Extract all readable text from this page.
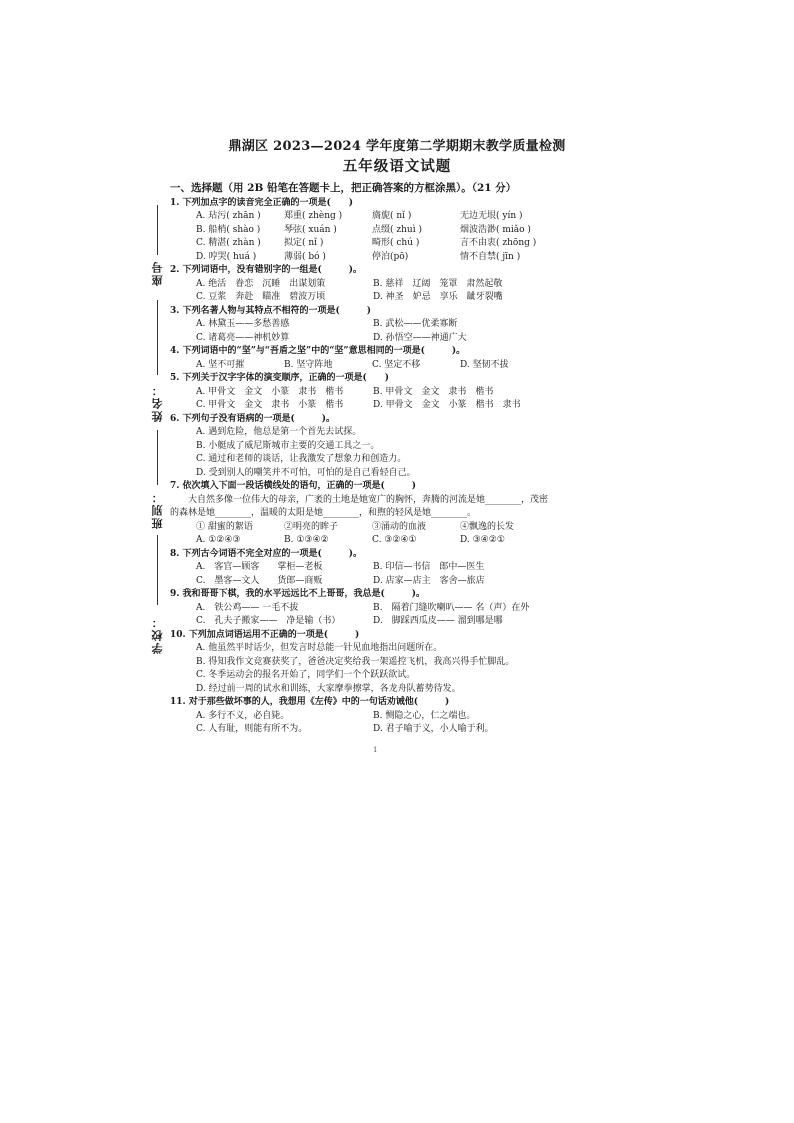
鼎湖区 2023—2024 学年度第二学期期末教学质量检测
五年级语文试题
座号
姓名：
班别：
学校：
一、选择题（用 2B 铅笔在答题卡上，把正确答案的方框涂黑）。（21 分）
1. 下列加点字的读音完全正确的一项是(　　)
A. 玷污( zhān )	郑重( zhèng )	旖旎( nǐ )	无边无垠( yín )
B. 船梢( shào )	琴弦( xuán )	点缀( zhuì )	烟波浩渺( miǎo )
C. 精湛( zhàn )	拟定( nǐ )	畸形( chú )	言不由衷( zhōng )
D. 哼哭( huá )	薄弱( bó )	停泊(pō)	情不自禁( jīn )
2. 下列词语中，没有错别字的一组是(　　　)。
A. 绝活　眷恋　沉睡　出谋划策	B. 慈祥　辽阔　笼罩　肃然起敬
C. 豆浆　奔赴　瞄准　碧波万顷	D. 神圣　妒忌　享乐　龇牙裂嘴
3. 下列名著人物与其特点不相符的一项是(　　　)
A. 林黛玉——多愁善感	B. 武松——优柔寡断
C. 诸葛亮——神机妙算	D. 孙悟空——神通广大
4. 下列词语中的“坚”与“吾盾之坚”中的“坚”意思相同的一项是(　　　)。
A. 坚不可摧	B. 坚守阵地	C. 坚定不移	D. 坚韧不拔
5. 下列关于汉字字体的演变顺序，正确的一项是(　　)
A. 甲骨文　金文　小篆　隶书　楷书	B. 甲骨文　金文　隶书　楷书
C. 甲骨文　金文　隶书　小篆　楷书	D. 甲骨文　金文　小篆　楷书　隶书
6. 下列句子没有语病的一项是(　　　)。
A. 遇到危险，他总是第一个首先去试探。
B. 小艇成了威尼斯城市主要的交通工具之一。
C. 通过和老师的谈话，让我激发了想象力和创造力。
D. 受到别人的嘲笑并不可怕，可怕的是自己看轻自己。
7. 依次填入下面一段话横线处的语句，正确的一项是(　　　)
大自然多像一位伟大的母亲，广袤的土地是她宽广的胸怀，奔腾的河流是她________，茂密的森林是她________，温暖的太阳是她________，和煦的轻风是她________。
① 甜蜜的絮语	②明亮的眸子	③涌动的血液	④飘逸的长发
A. ①②④③	B. ①③④②	C. ③②④①	D. ③④②①
8. 下列古今词语不完全对应的一项是(　　　)。
A.　客官—顾客　　掌柜—老板	B. 印信—书信　郎中—医生
C.　墨客—文人　　货郎—商贩	D. 店家—店主　客舍—旅店
9. 我和哥哥下棋，我的水平远远比不上哥哥，我总是(　　　)。
A.　铁公鸡—— 一毛不拔	B.　隔着门缝吹喇叭—— 名（声）在外
C.　孔夫子搬家——　净是输（书）	D.　脚踩西瓜皮—— 溜到哪是哪
10. 下列加点词语运用不正确的一项是(　　　)
A. 他虽然平时话少，但发言时总能一针见血地指出问题所在。
B. 得知我作文竞赛获奖了，爸爸决定奖给我一架遥控飞机，我高兴得手忙脚乱。
C. 冬季运动会的报名开始了，同学们一个个跃跃欲试。
D. 经过前一周的试水和训练，大家摩拳擦掌，各龙舟队蓄势待发。
11. 对于那些做坏事的人，我想用《左传》中的一句话劝诫他(　　　)
A. 多行不义，必自毙。	B. 恻隐之心，仁之端也。
C. 人有耻，则能有所不为。	D. 君子喻于义，小人喻于利。
1
